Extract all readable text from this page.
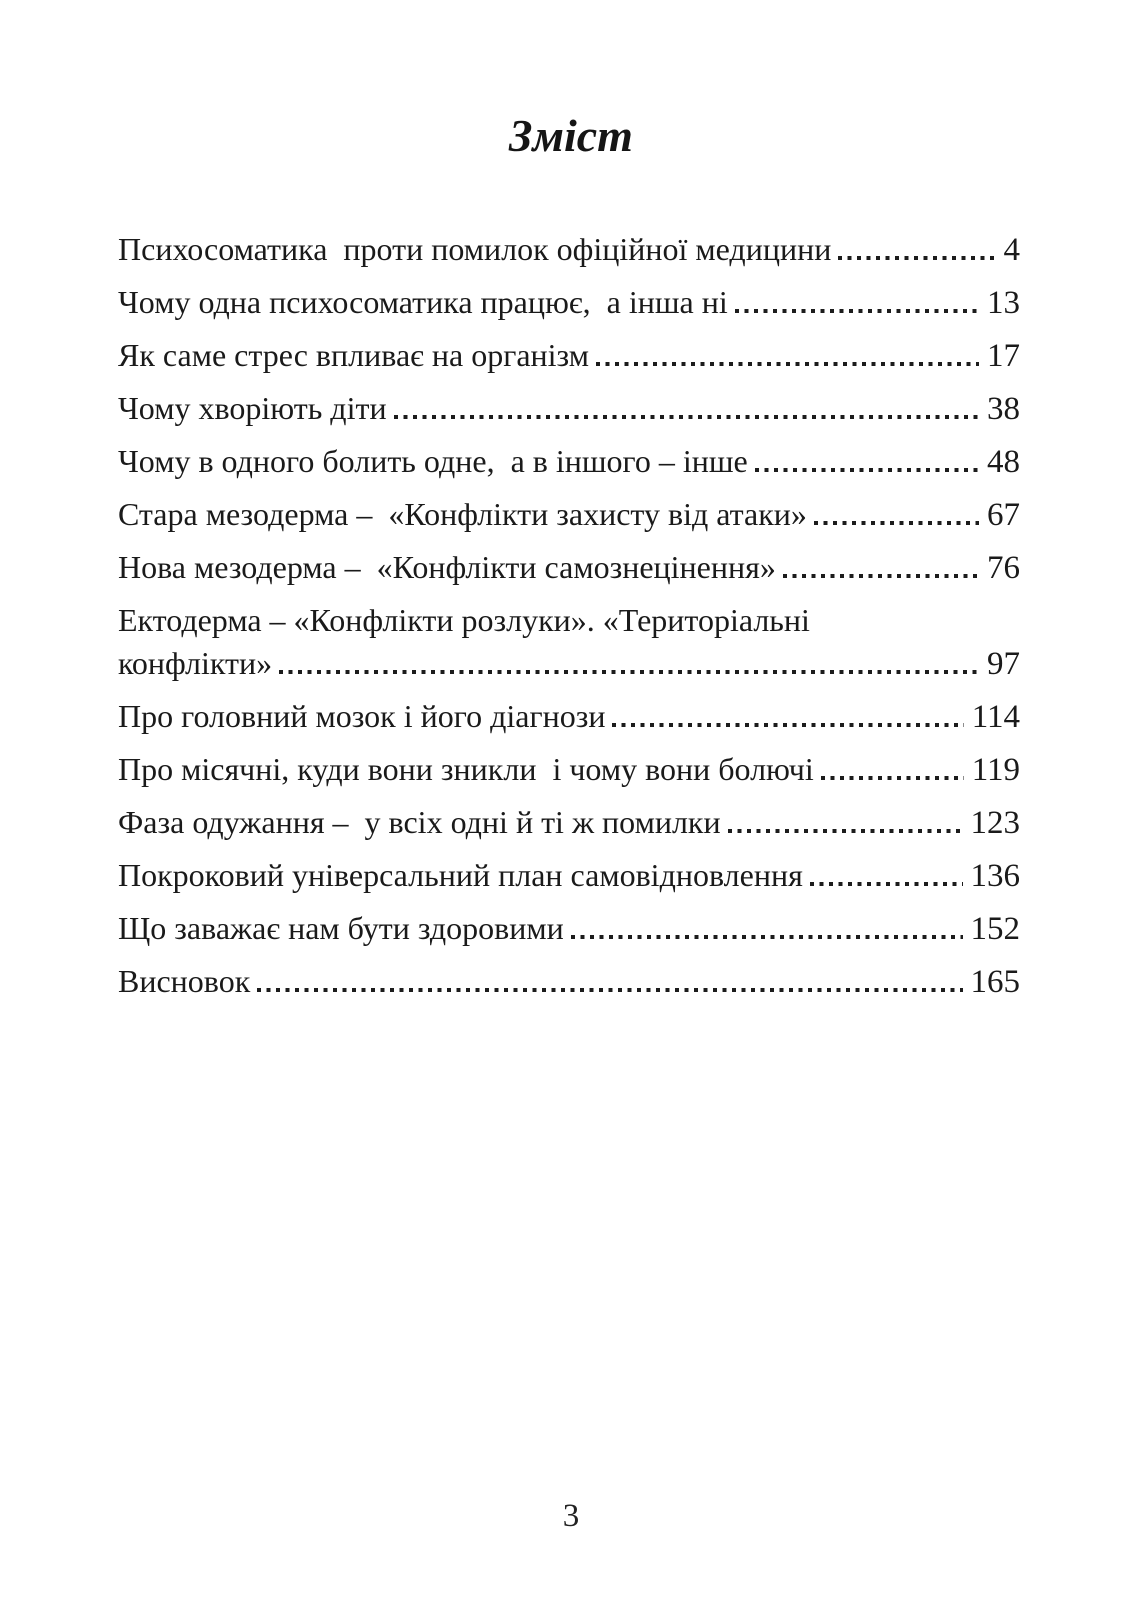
Зміст
Психосоматика  проти помилок офіційної медицини	4
Чому одна психосоматика працює,  а інша ні	13
Як саме стрес впливає на організм	17
Чому хворіють діти	38
Чому в одного болить одне,  а в іншого – інше	48
Стара мезодерма –  «Конфлікти захисту від атаки»	67
Нова мезодерма –  «Конфлікти самознецінення»	76
Ектодерма – «Конфлікти розлуки». «Територіальні
конфлікти»	97
Про головний мозок і його діагнози	114
Про місячні, куди вони зникли  і чому вони болючі	119
Фаза одужання –  у всіх одні й ті ж помилки	123
Покроковий універсальний план самовідновлення	136
Що заважає нам бути здоровими	152
Висновок	165
3
